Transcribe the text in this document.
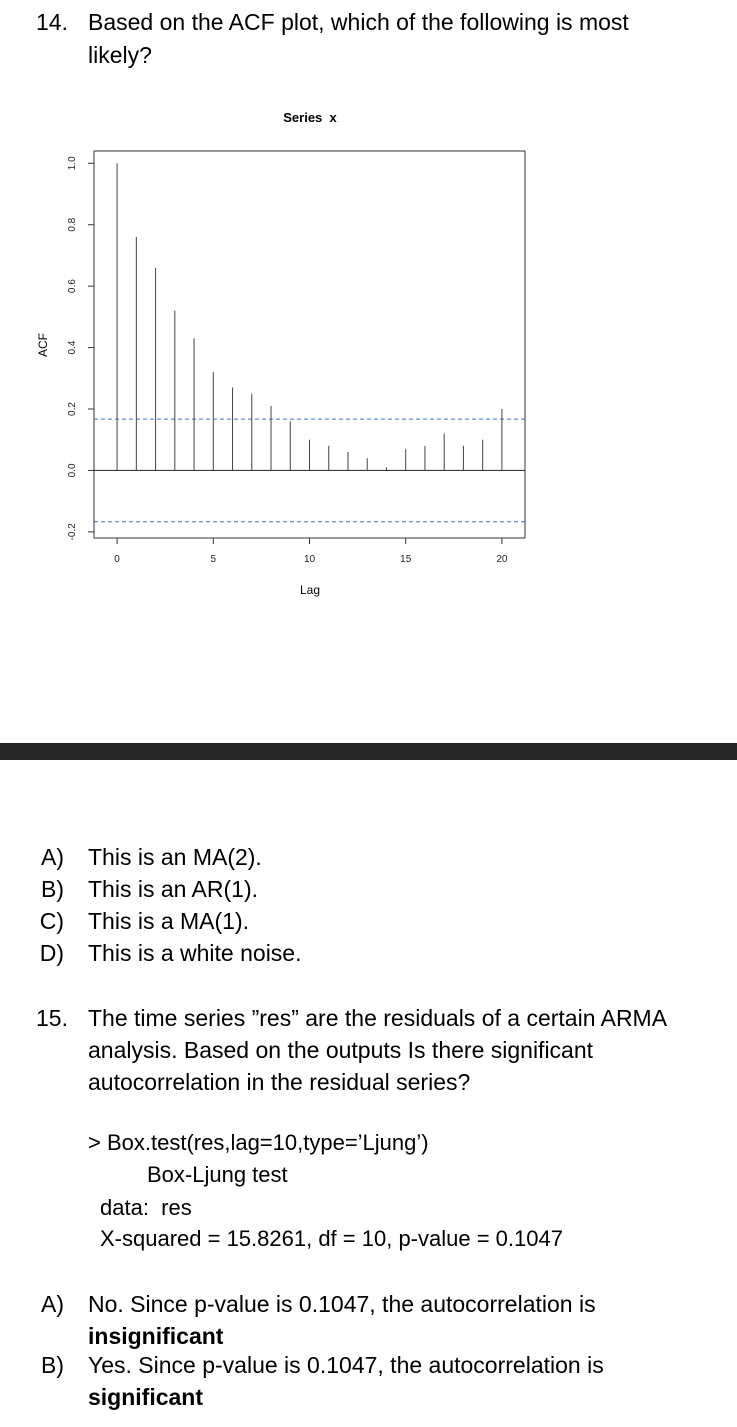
14. Based on the ACF plot, which of the following is most
likely?
Series  x
0	5	10	15	20
-0.2
0.0
0.2
0.4
0.6
0.8
1.0
ACF
Lag
A) This is an MA(2).
B) This is an AR(1).
C) This is a MA(1).
D) This is a white noise.
15. The time series ”res” are the residuals of a certain ARMA
analysis. Based on the outputs Is there significant
autocorrelation in the residual series?
> Box.test(res,lag=10,type=’Ljung’)
Box-Ljung test
data:  res
X-squared = 15.8261, df = 10, p-value = 0.1047
A) No. Since p-value is 0.1047, the autocorrelation is
insignificant
B) Yes. Since p-value is 0.1047, the autocorrelation is
significant
